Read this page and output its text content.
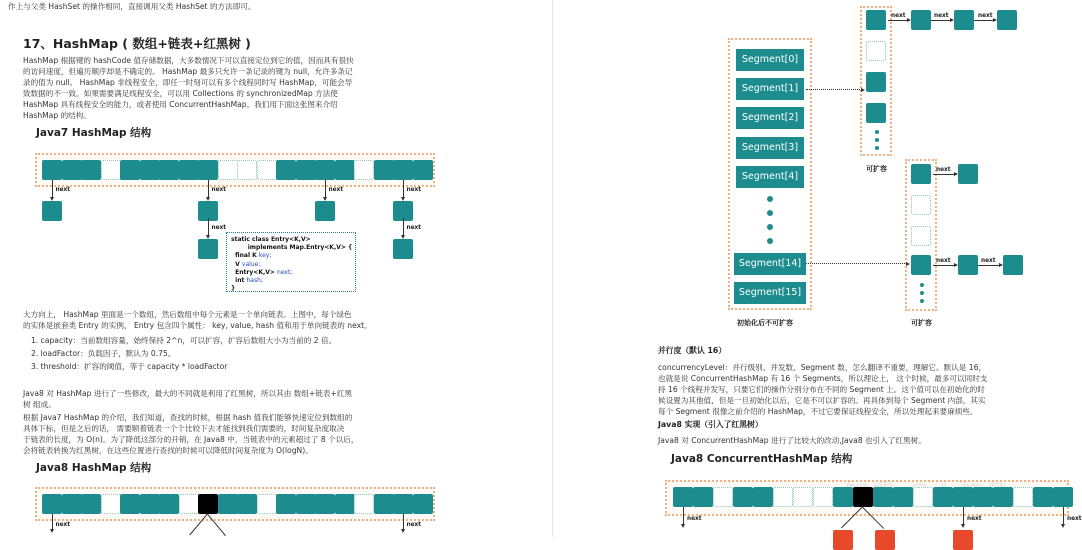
作上与父类 HashSet 的操作相同，直接调用父类 HashSet 的方法即可。
17、HashMap ( 数组+链表+红黑树 )
HashMap 根据键的 hashCode 值存储数据，大多数情况下可以直接定位到它的值，因而具有很快
的访问速度，但遍历顺序却是不确定的。 HashMap 最多只允许一条记录的键为 null，允许多条记
录的值为 null。 HashMap 非线程安全，即任一时刻可以有多个线程同时写 HashMap，可能会导
致数据的不一致。如果需要满足线程安全，可以用 Collections 的 synchronizedMap 方法使
HashMap 具有线程安全的能力，或者使用 ConcurrentHashMap。我们用下面这张图来介绍
HashMap 的结构。
Java7 HashMap 结构
static class Entry<K,V>
implements Map.Entry<K,V> {
final K key;
V value;
Entry<K,V> next;
int hash;
}
大方向上， HashMap 里面是一个数组，然后数组中每个元素是一个单向链表。上图中，每个绿色
的实体是嵌套类 Entry 的实例， Entry 包含四个属性： key, value, hash 值和用于单向链表的 next。
1. capacity：当前数组容量，始终保持 2^n，可以扩容，扩容后数组大小为当前的 2 倍。
2. loadFactor：负载因子，默认为 0.75。
3. threshold：扩容的阈值，等于 capacity * loadFactor
Java8 对 HashMap 进行了一些修改，最大的不同就是利用了红黑树，所以其由 数组+链表+红黑
树 组成。
根据 Java7 HashMap 的介绍，我们知道，查找的时候，根据 hash 值我们能够快速定位到数组的
具体下标，但是之后的话， 需要顺着链表一个个比较下去才能找到我们需要的，时间复杂度取决
于链表的长度，为 O(n)。为了降低这部分的开销，在 Java8 中，当链表中的元素超过了 8 个以后，
会将链表转换为红黑树，在这些位置进行查找的时候可以降低时间复杂度为 O(logN)。
Java8 HashMap 结构
next	next
next
next	next
next
next	next
Segment[0]
Segment[1]
Segment[2]
Segment[3]
Segment[4]
Segment[14]
Segment[15]
初始化后不可扩容
可扩容
next	next	next
可扩容
next
next	next
并行度（默认 16）
concurrencyLevel：并行级别、并发数、Segment 数，怎么翻译不重要，理解它。默认是 16，
也就是说 ConcurrentHashMap 有 16 个 Segments，所以理论上， 这个时候，最多可以同时支
持 16 个线程并发写，只要它们的操作分别分布在不同的 Segment 上。这个值可以在初始化的时
候设置为其他值，但是一旦初始化以后，它是不可以扩容的。再具体到每个 Segment 内部，其实
每个 Segment 很像之前介绍的 HashMap，不过它要保证线程安全，所以处理起来要麻烦些。
Java8 实现（引入了红黑树）
Java8 对 ConcurrentHashMap 进行了比较大的改动,Java8 也引入了红黑树。
Java8 ConcurrentHashMap 结构
next	next	next
